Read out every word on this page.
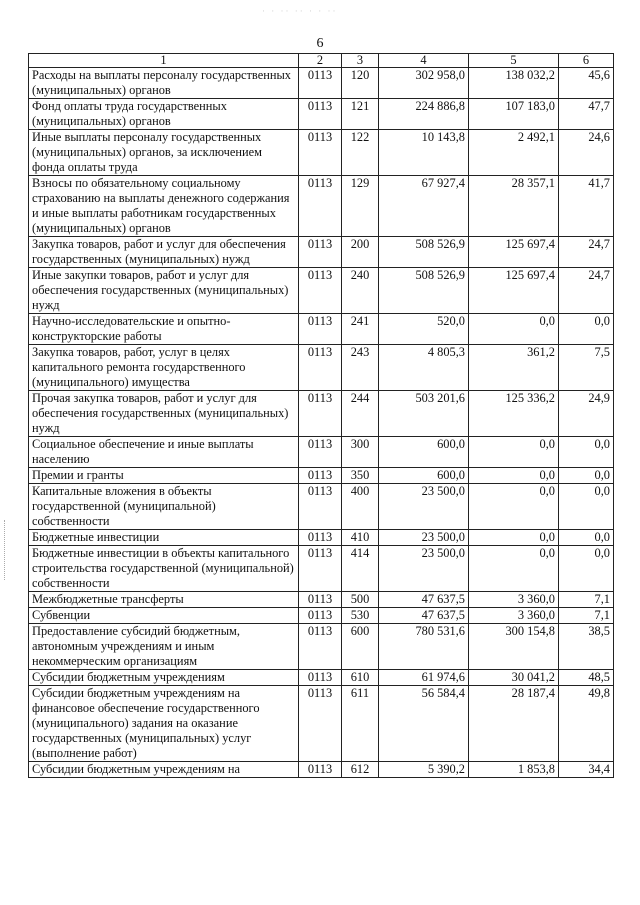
· · ·· ·· · · ··
6
1	2	3	4	5	6
Расходы на выплаты персоналу государственных (муниципальных) органов	0113	120	302 958,0	138 032,2	45,6
Фонд оплаты труда государственных (муниципальных) органов	0113	121	224 886,8	107 183,0	47,7
Иные выплаты персоналу государственных (муниципальных) органов, за исключением фонда оплаты труда	0113	122	10 143,8	2 492,1	24,6
Взносы по обязательному социальному страхованию на выплаты денежного содержания и иные выплаты работникам государственных (муниципальных) органов	0113	129	67 927,4	28 357,1	41,7
Закупка товаров, работ и услуг для обеспечения государственных (муниципальных) нужд	0113	200	508 526,9	125 697,4	24,7
Иные закупки товаров, работ и услуг для обеспечения государственных (муниципальных) нужд	0113	240	508 526,9	125 697,4	24,7
Научно-исследовательские и опытно-конструкторские работы	0113	241	520,0	0,0	0,0
Закупка товаров, работ, услуг в целях капитального ремонта государственного (муниципального) имущества	0113	243	4 805,3	361,2	7,5
Прочая закупка товаров, работ и услуг для обеспечения государственных (муниципальных) нужд	0113	244	503 201,6	125 336,2	24,9
Социальное обеспечение и иные выплаты населению	0113	300	600,0	0,0	0,0
Премии и гранты	0113	350	600,0	0,0	0,0
Капитальные вложения в объекты государственной (муниципальной) собственности	0113	400	23 500,0	0,0	0,0
Бюджетные инвестиции	0113	410	23 500,0	0,0	0,0
Бюджетные инвестиции в объекты капитального строительства государственной (муниципальной) собственности	0113	414	23 500,0	0,0	0,0
Межбюджетные трансферты	0113	500	47 637,5	3 360,0	7,1
Субвенции	0113	530	47 637,5	3 360,0	7,1
Предоставление субсидий бюджетным, автономным учреждениям и иным некоммерческим организациям	0113	600	780 531,6	300 154,8	38,5
Субсидии бюджетным учреждениям	0113	610	61 974,6	30 041,2	48,5
Субсидии бюджетным учреждениям на финансовое обеспечение государственного (муниципального) задания на оказание государственных (муниципальных) услуг (выполнение работ)	0113	611	56 584,4	28 187,4	49,8
Субсидии бюджетным учреждениям на	0113	612	5 390,2	1 853,8	34,4
